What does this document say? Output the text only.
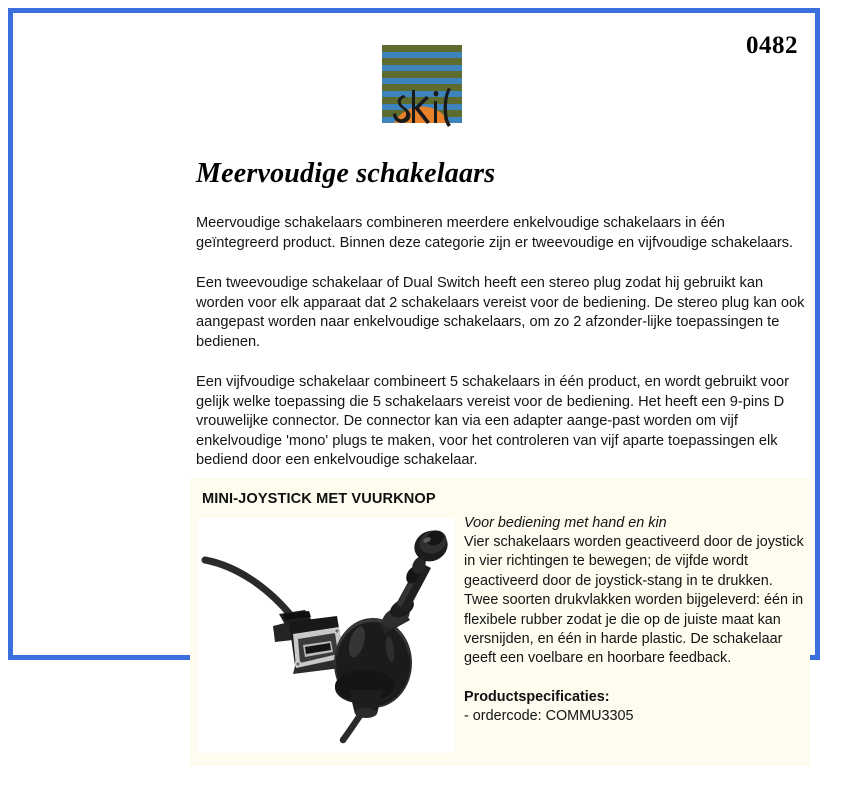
0482
Meervoudige schakelaars

Meervoudige schakelaars combineren meerdere enkelvoudige schakelaars in één geïntegreerd product. Binnen deze categorie zijn er tweevoudige en vijfvoudige schakelaars.

Een tweevoudige schakelaar of Dual Switch heeft een stereo plug zodat hij gebruikt kan worden voor elk apparaat dat 2 schakelaars vereist voor de bediening. De stereo plug kan ook aangepast worden naar enkelvoudige schakelaars, om zo 2 afzonder-lijke toepassingen te bedienen.

Een vijfvoudige schakelaar combineert 5 schakelaars in één product, en wordt gebruikt voor gelijk welke toepassing die 5 schakelaars vereist voor de bediening. Het heeft een 9-pins D vrouwelijke connector. De connector kan via een adapter aange-past worden om vijf enkelvoudige 'mono' plugs te maken, voor het controleren van vijf aparte toepassingen elk bediend door een enkelvoudige schakelaar.

MINI-JOYSTICK MET VUURKNOP

Voor bediening met hand en kin

Vier schakelaars worden geactiveerd door de joystick in vier richtingen te bewegen; de vijfde wordt geactiveerd door de joystick-stang in te drukken.

Twee soorten drukvlakken worden bijgeleverd: één in flexibele rubber zodat je die op de juiste maat kan versnijden, en één in harde plastic. De schakelaar geeft een voelbare en hoorbare feedback.

Productspecificaties:

- ordercode: COMMU3305
